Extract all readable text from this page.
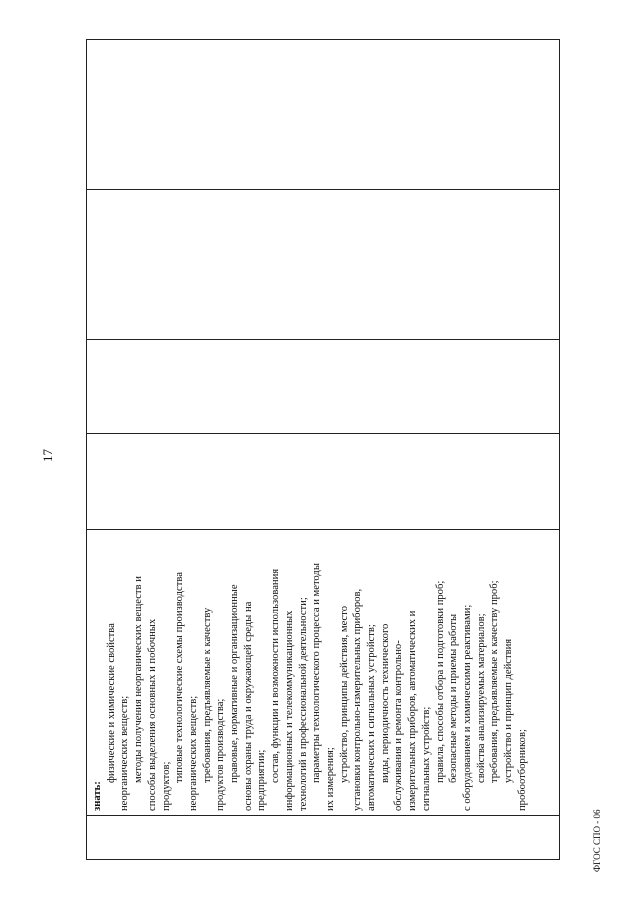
17

знать:
физические и химические свойства неорганических веществ; методы получения неорганических веществ и способы выделения основных и побочных продуктов;
типовые технологические схемы производства неорганических веществ; требования, предъявляемые к качеству продуктов производства; правовые, нормативные и организационные основы охраны труда и окружающей среды на предприятии; состав, функции и возможности использования информационных и телекоммуникационных технологий в профессиональной деятельности; параметры технологического процесса и методы их измерения; устройство, принципы действия, место установки контрольно-измерительных приборов, автоматических и сигнальных устройств; виды, периодичность технического обслуживания и ремонта контрольно- измерительных приборов, автоматических и сигнальных устройств; правила, способы отбора и подготовки проб; безопасные методы и приемы работы с оборудованием и химическими реактивами; свойства анализируемых материалов; требования, предъявляемые к качеству проб; устройство и принцип действия пробоотборников;

ФГОС СПО - 06
